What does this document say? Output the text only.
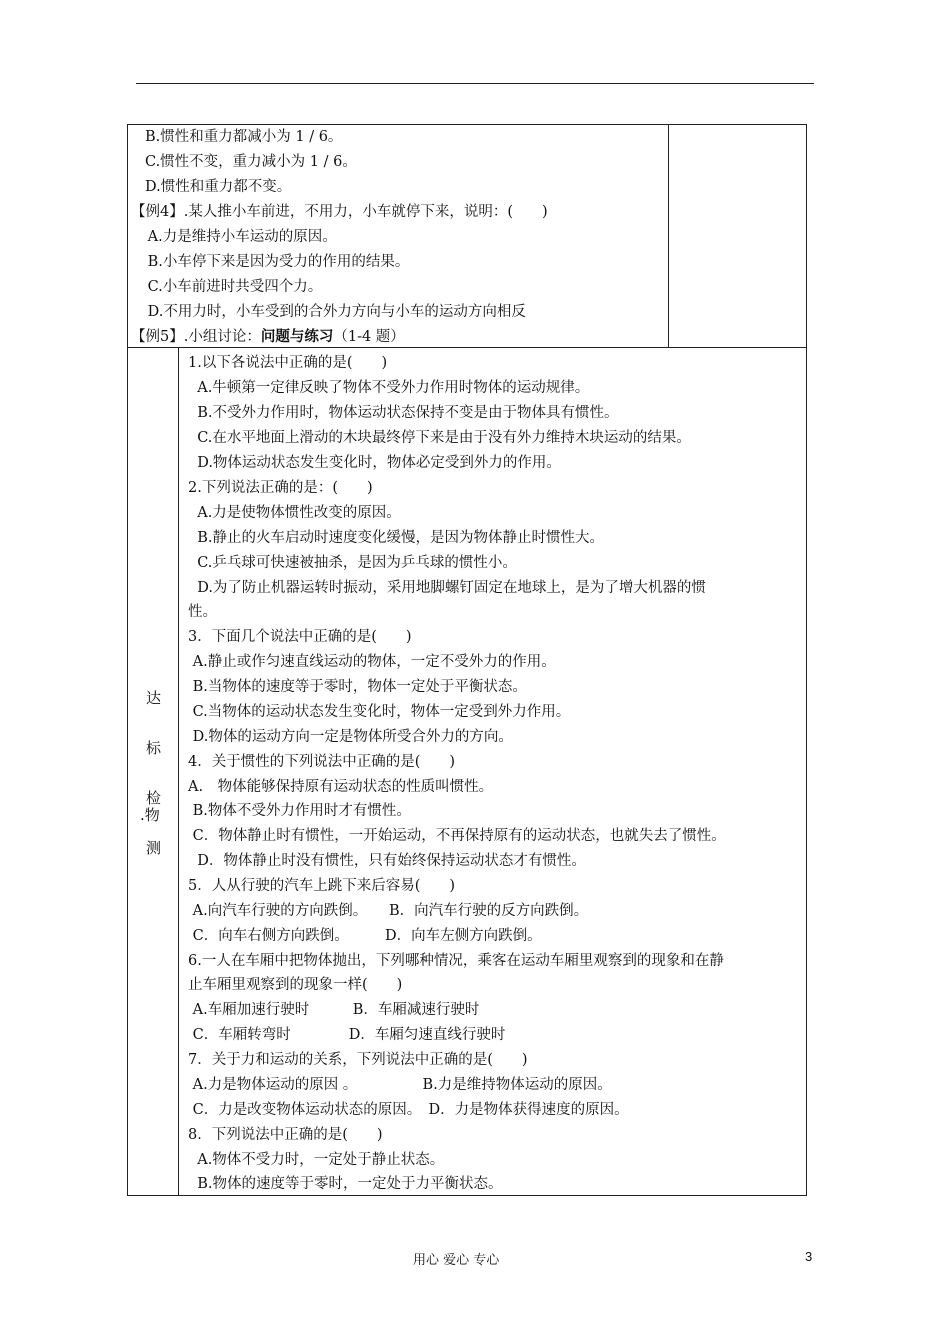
B.惯性和重力都减小为 1 / 6。
C.惯性不变，重力减小为 1 / 6。
D.惯性和重力都不变。
【例4】.某人推小车前进，不用力，小车就停下来，说明：(　　)
A.力是维持小车运动的原因。
B.小车停下来是因为受力的作用的结果。
C.小车前进时共受四个力。
D.不用力时，小车受到的合外力方向与小车的运动方向相反
【例5】.小组讨论：问题与练习（1-4 题）
达
标
检
.物
测
1.以下各说法中正确的是(　　)
A.牛顿第一定律反映了物体不受外力作用时物体的运动规律。
B.不受外力作用时，物体运动状态保持不变是由于物体具有惯性。
C.在水平地面上滑动的木块最终停下来是由于没有外力维持木块运动的结果。
D.物体运动状态发生变化时，物体必定受到外力的作用。
2.下列说法正确的是：(　　)
A.力是使物体惯性改变的原因。
B.静止的火车启动时速度变化缓慢，是因为物体静止时惯性大。
C.乒乓球可快速被抽杀，是因为乒乓球的惯性小。
D.为了防止机器运转时振动，采用地脚螺钉固定在地球上，是为了增大机器的惯
性。
3．下面几个说法中正确的是(　　)
A.静止或作匀速直线运动的物体，一定不受外力的作用。
B.当物体的速度等于零时，物体一定处于平衡状态。
C.当物体的运动状态发生变化时，物体一定受到外力作用。
D.物体的运动方向一定是物体所受合外力的方向。
4．关于惯性的下列说法中正确的是(　　)
A.　物体能够保持原有运动状态的性质叫惯性。
B.物体不受外力作用时才有惯性。
C．物体静止时有惯性，一开始运动，不再保持原有的运动状态，也就失去了惯性。
D．物体静止时没有惯性，只有始终保持运动状态才有惯性。
5．人从行驶的汽车上跳下来后容易(　　)
A.向汽车行驶的方向跌倒。　　B．向汽车行驶的反方向跌倒。
C．向车右侧方向跌倒。　　　D．向车左侧方向跌倒。
6.一人在车厢中把物体抛出，下列哪种情况，乘客在运动车厢里观察到的现象和在静
止车厢里观察到的现象一样(　　)
A.车厢加速行驶时　　　B．车厢减速行驶时
C．车厢转弯时　　　　D．车厢匀速直线行驶时
7．关于力和运动的关系，下列说法中正确的是(　　)
A.力是物体运动的原因 。　　　　　B.力是维持物体运动的原因。
C．力是改变物体运动状态的原因。　D．力是物体获得速度的原因。
8．下列说法中正确的是(　　)
A.物体不受力时，一定处于静止状态。
B.物体的速度等于零时，一定处于力平衡状态。
用心 爱心 专心	3
